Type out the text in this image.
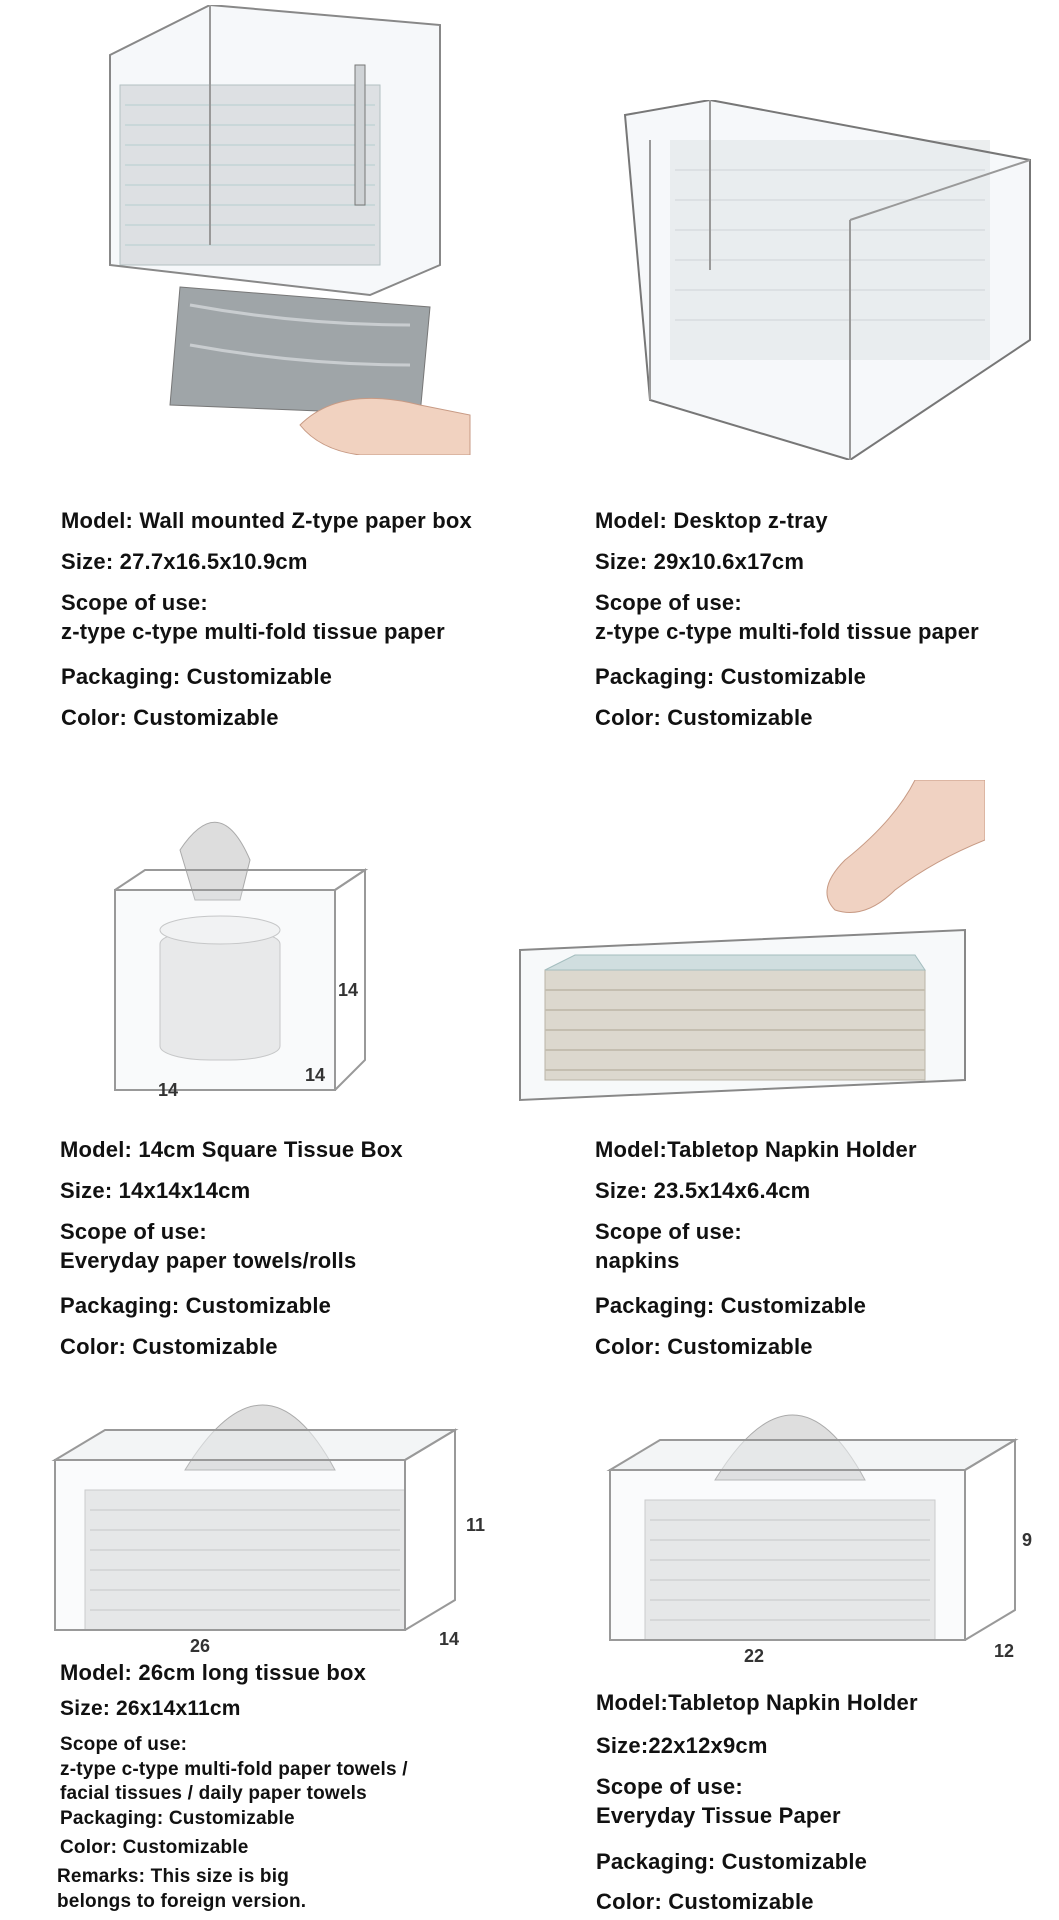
Model: Wall mounted Z-type paper box
Size: 27.7x16.5x10.9cm
Scope of use:
z-type c-type multi-fold tissue paper
Packaging: Customizable
Color: Customizable
Model: Desktop z-tray
Size: 29x10.6x17cm
Scope of use:
z-type c-type multi-fold tissue paper
Packaging: Customizable
Color: Customizable
14
14
14
Model: 14cm Square Tissue Box
Size: 14x14x14cm
Scope of use:
Everyday paper towels/rolls
Packaging: Customizable
Color: Customizable
Model:Tabletop Napkin Holder
Size: 23.5x14x6.4cm
Scope of use:
napkins
Packaging: Customizable
Color: Customizable
11
26	14
Model: 26cm long tissue box
Size: 26x14x11cm
Scope of use:
z-type c-type multi-fold paper towels /
facial tissues / daily paper towels
Packaging: Customizable
Color: Customizable
Remarks: This size is big
belongs to foreign version.
9
22	12
Model:Tabletop Napkin Holder
Size:22x12x9cm
Scope of use:
Everyday Tissue Paper
Packaging: Customizable
Color: Customizable
